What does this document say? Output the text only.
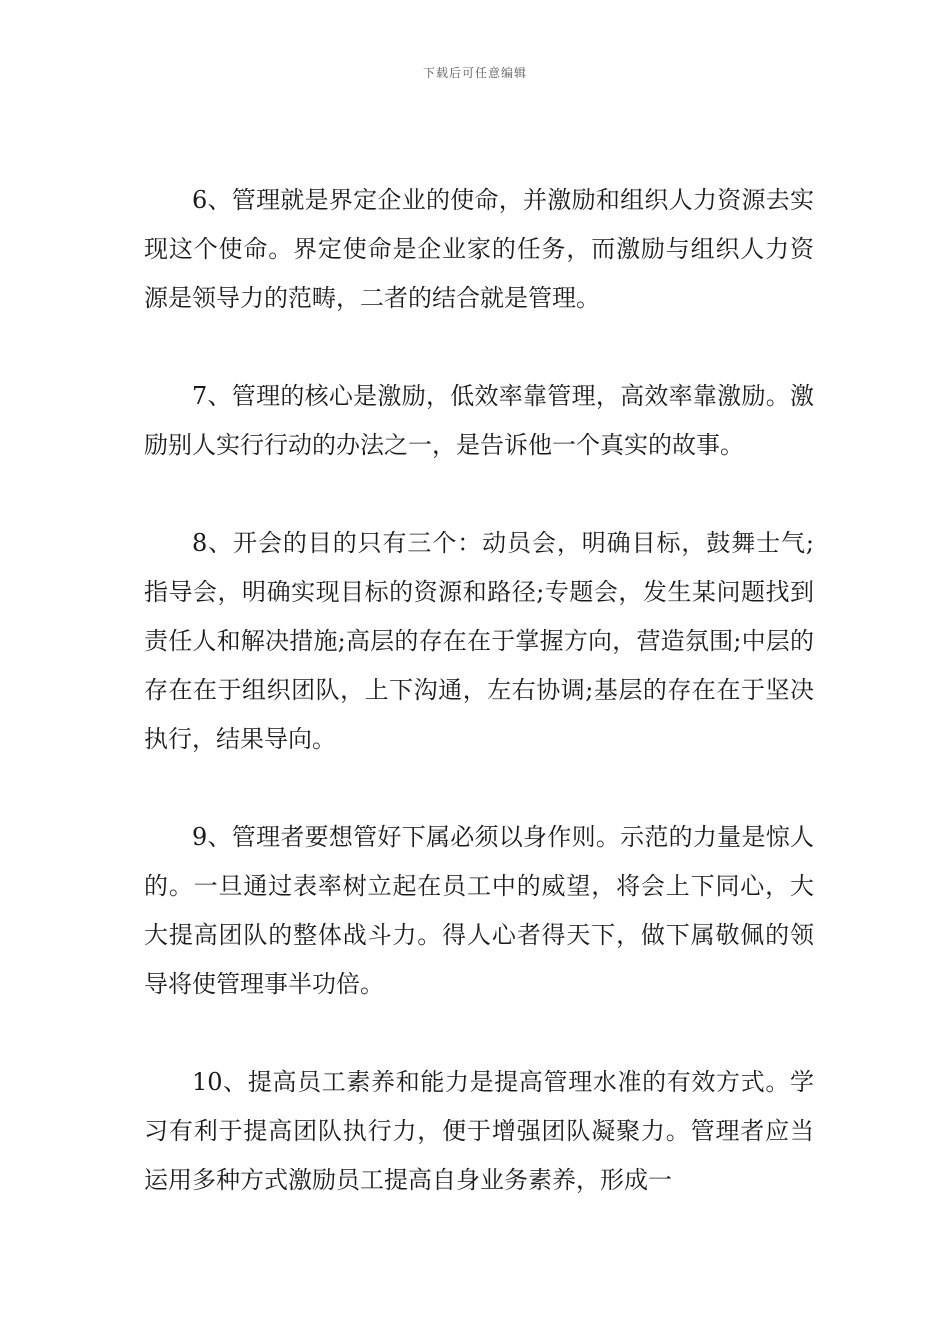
下载后可任意编辑

6、管理就是界定企业的使命，并激励和组织人力资源去实现这个使命。界定使命是企业家的任务，而激励与组织人力资源是领导力的范畴，二者的结合就是管理。

7、管理的核心是激励，低效率靠管理，高效率靠激励。激励别人实行行动的办法之一，是告诉他一个真实的故事。

8、开会的目的只有三个：动员会，明确目标，鼓舞士气;指导会，明确实现目标的资源和路径;专题会，发生某问题找到责任人和解决措施;高层的存在在于掌握方向，营造氛围;中层的存在在于组织团队，上下沟通，左右协调;基层的存在在于坚决执行，结果导向。

9、管理者要想管好下属必须以身作则。示范的力量是惊人的。一旦通过表率树立起在员工中的威望，将会上下同心，大大提高团队的整体战斗力。得人心者得天下，做下属敬佩的领导将使管理事半功倍。

10、提高员工素养和能力是提高管理水准的有效方式。学习有利于提高团队执行力，便于增强团队凝聚力。管理者应当运用多种方式激励员工提高自身业务素养，形成一
